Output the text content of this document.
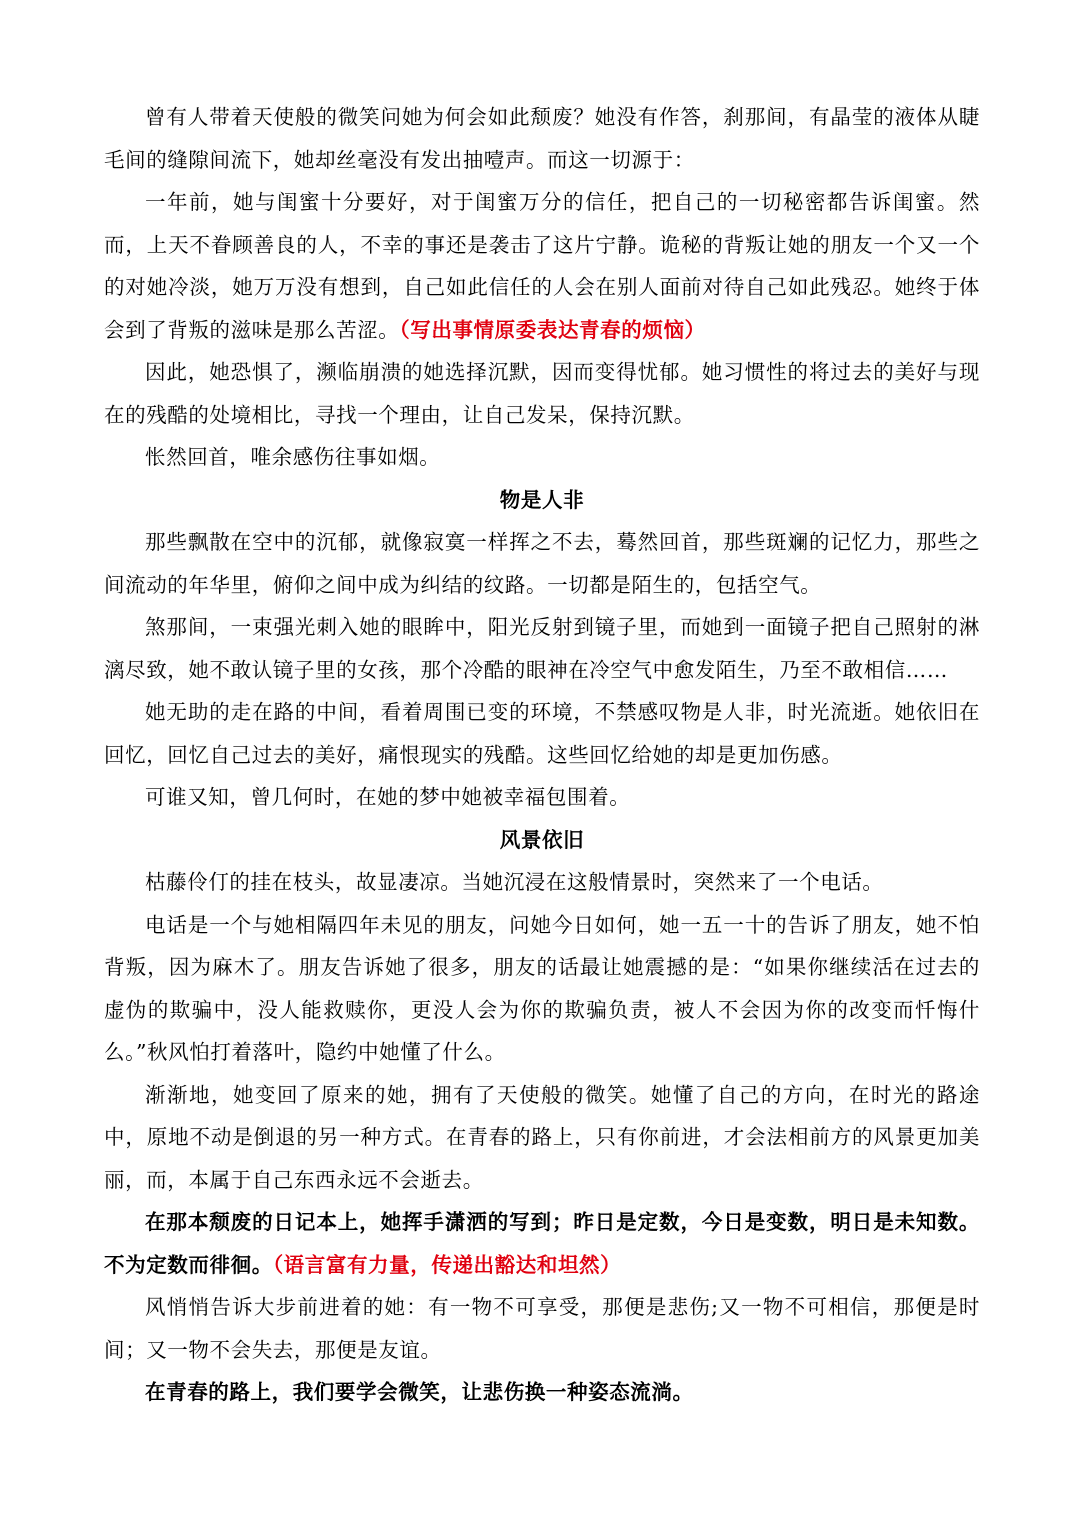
曾有人带着天使般的微笑问她为何会如此颓废？她没有作答，刹那间，有晶莹的液体从睫毛间的缝隙间流下，她却丝毫没有发出抽噎声。而这一切源于：

一年前，她与闺蜜十分要好，对于闺蜜万分的信任，把自己的一切秘密都告诉闺蜜。然而，上天不眷顾善良的人，不幸的事还是袭击了这片宁静。诡秘的背叛让她的朋友一个又一个的对她冷淡，她万万没有想到，自己如此信任的人会在别人面前对待自己如此残忍。她终于体会到了背叛的滋味是那么苦涩。（写出事情原委表达青春的烦恼）

因此，她恐惧了，濒临崩溃的她选择沉默，因而变得忧郁。她习惯性的将过去的美好与现在的残酷的处境相比，寻找一个理由，让自己发呆，保持沉默。

怅然回首，唯余感伤往事如烟。

物是人非

那些飘散在空中的沉郁，就像寂寞一样挥之不去，蓦然回首，那些斑斓的记忆力，那些之间流动的年华里，俯仰之间中成为纠结的纹路。一切都是陌生的，包括空气。

煞那间，一束强光刺入她的眼眸中，阳光反射到镜子里，而她到一面镜子把自己照射的淋漓尽致，她不敢认镜子里的女孩，那个冷酷的眼神在冷空气中愈发陌生，乃至不敢相信……

她无助的走在路的中间，看着周围已变的环境，不禁感叹物是人非，时光流逝。她依旧在回忆，回忆自己过去的美好，痛恨现实的残酷。这些回忆给她的却是更加伤感。

可谁又知，曾几何时，在她的梦中她被幸福包围着。

风景依旧

枯藤伶仃的挂在枝头，故显凄凉。当她沉浸在这般情景时，突然来了一个电话。

电话是一个与她相隔四年未见的朋友，问她今日如何，她一五一十的告诉了朋友，她不怕背叛，因为麻木了。朋友告诉她了很多，朋友的话最让她震撼的是：“如果你继续活在过去的虚伪的欺骗中，没人能救赎你，更没人会为你的欺骗负责，被人不会因为你的改变而忏悔什么。”秋风怕打着落叶，隐约中她懂了什么。

渐渐地，她变回了原来的她，拥有了天使般的微笑。她懂了自己的方向，在时光的路途中，原地不动是倒退的另一种方式。在青春的路上，只有你前进，才会法相前方的风景更加美丽，而，本属于自己东西永远不会逝去。

在那本颓废的日记本上，她挥手潇洒的写到；昨日是定数，今日是变数，明日是未知数。不为定数而徘徊。（语言富有力量，传递出豁达和坦然）

风悄悄告诉大步前进着的她：有一物不可享受，那便是悲伤;又一物不可相信，那便是时间；又一物不会失去，那便是友谊。

在青春的路上，我们要学会微笑，让悲伤换一种姿态流淌。
